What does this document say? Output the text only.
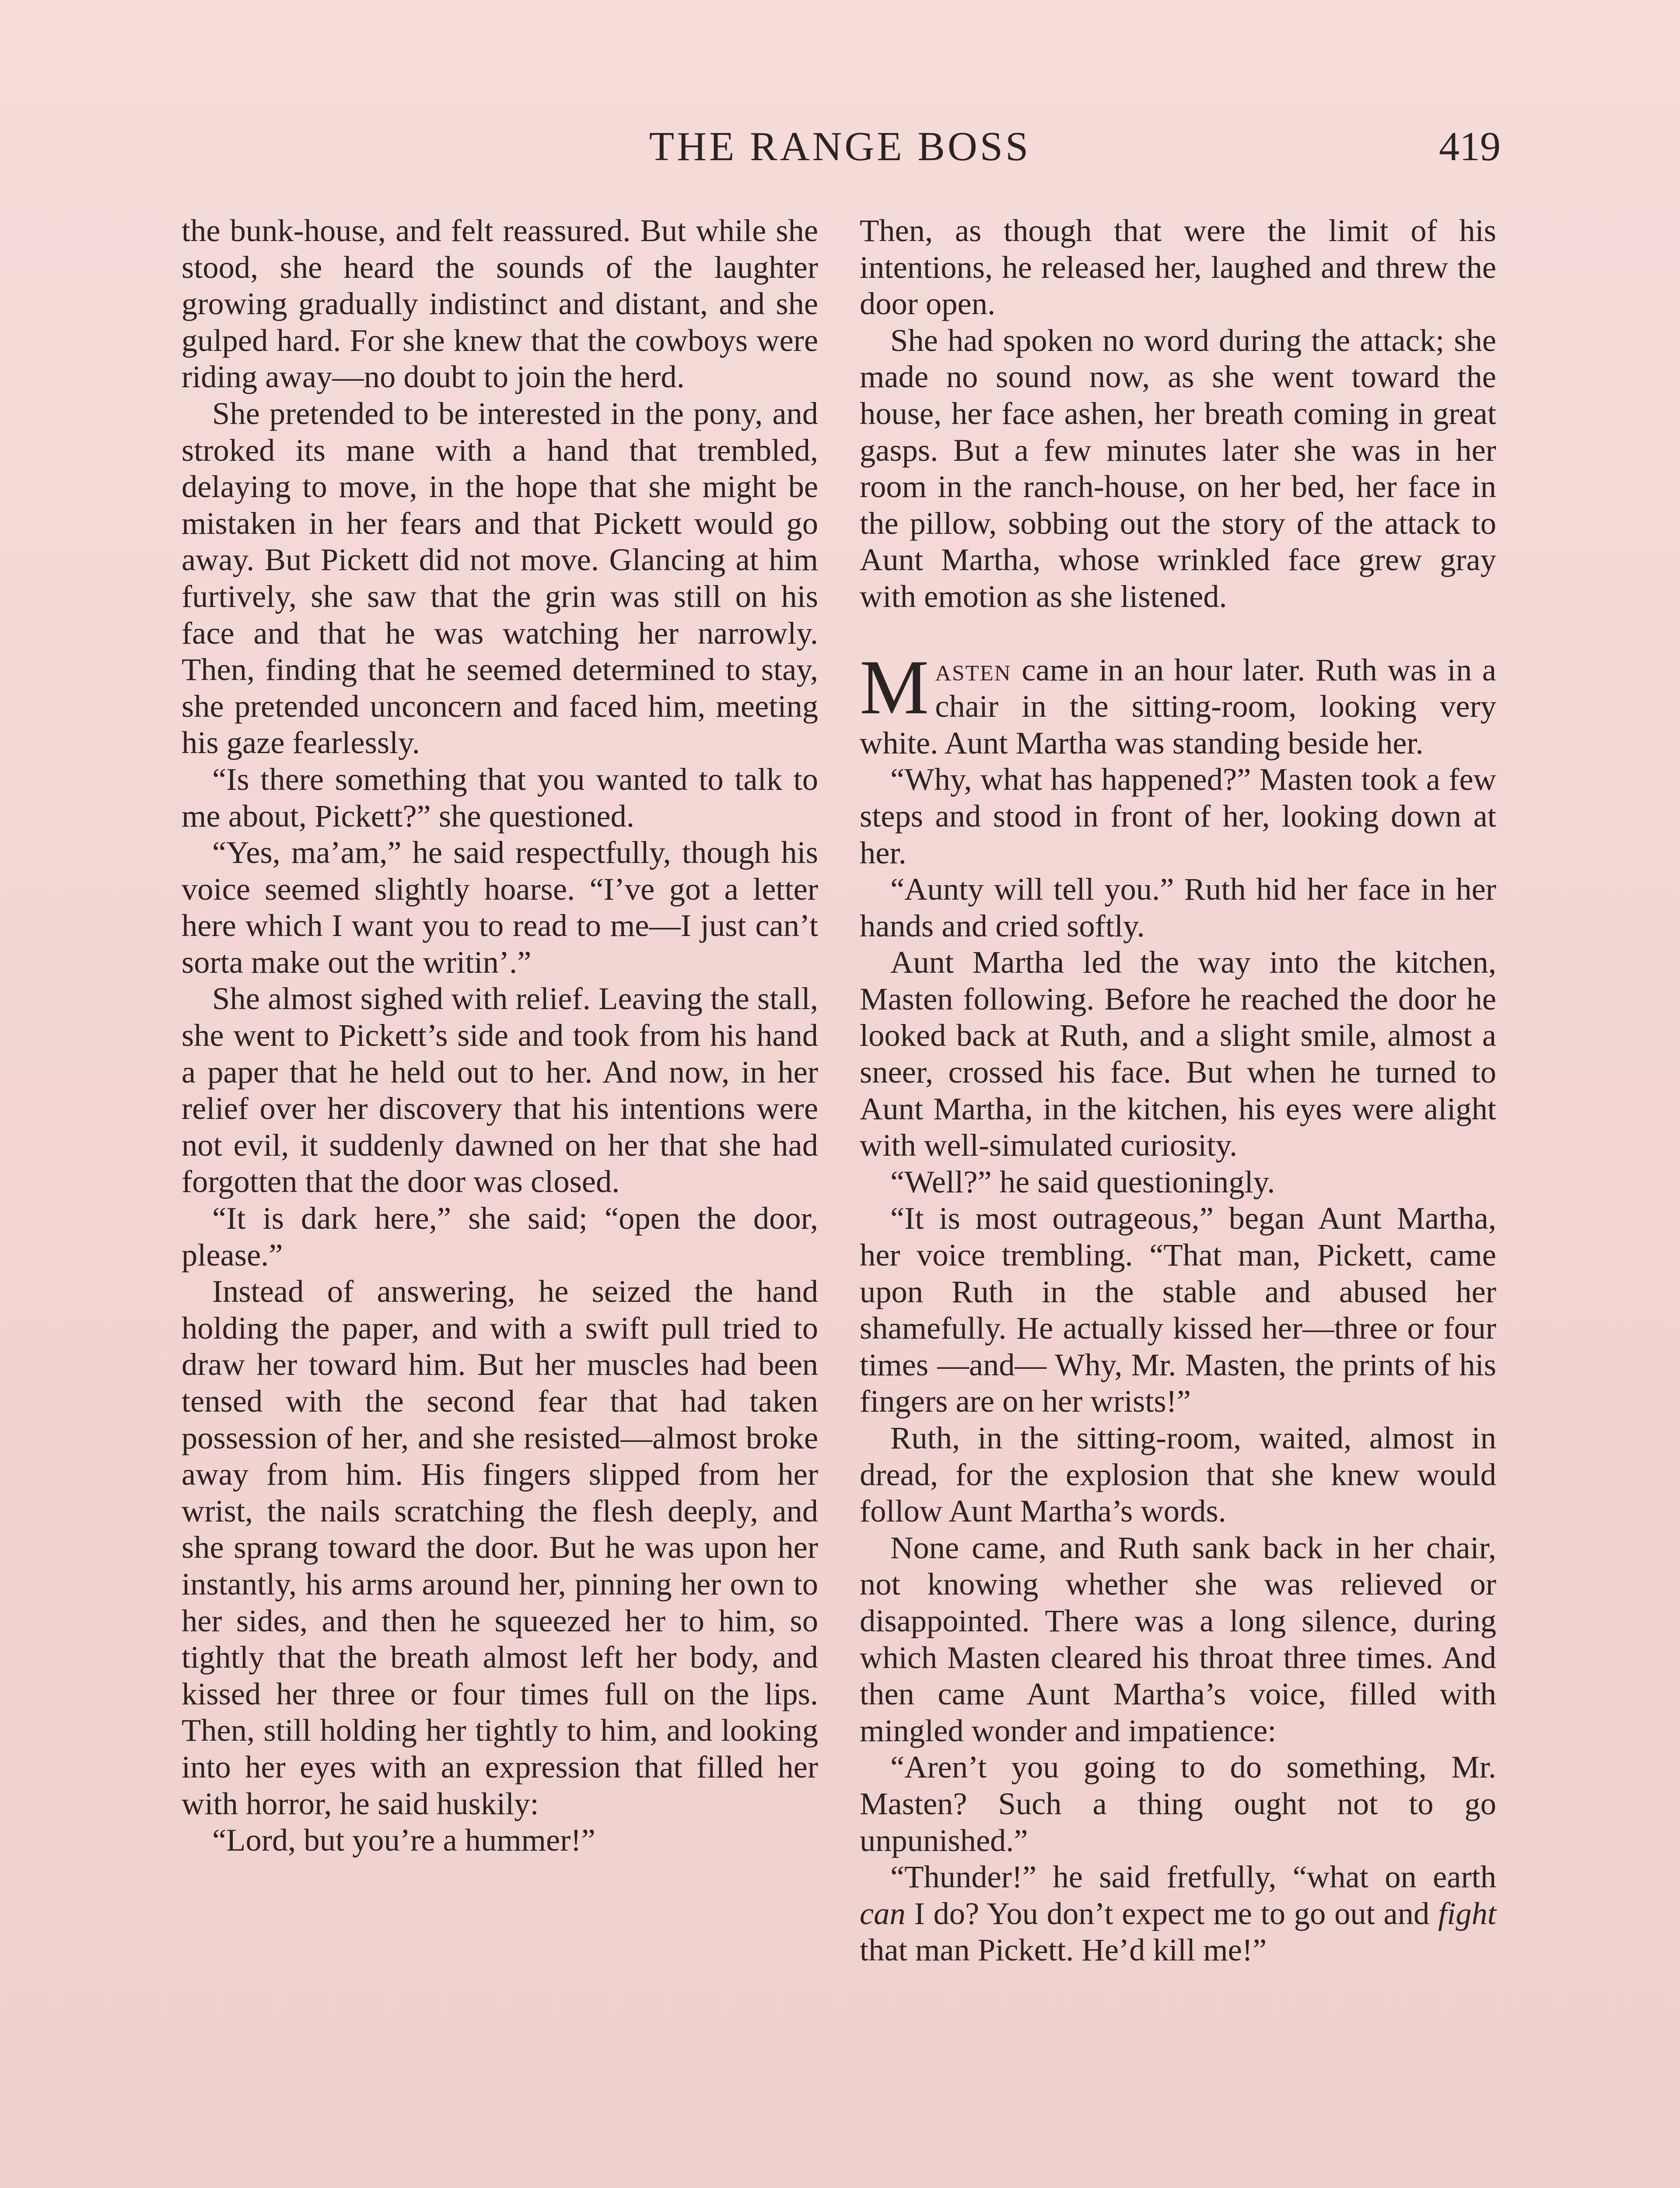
THE RANGE BOSS	419

the bunk-house, and felt reassured. But while she stood, she heard the sounds of the laughter growing gradually indistinct and distant, and she gulped hard. For she knew that the cowboys were riding away—no doubt to join the herd.

She pretended to be interested in the pony, and stroked its mane with a hand that trembled, delaying to move, in the hope that she might be mistaken in her fears and that Pickett would go away. But Pickett did not move. Glancing at him furtively, she saw that the grin was still on his face and that he was watching her narrowly. Then, finding that he seemed determined to stay, she pretended unconcern and faced him, meeting his gaze fearlessly.

“Is there something that you wanted to talk to me about, Pickett?” she questioned.

“Yes, ma’am,” he said respectfully, though his voice seemed slightly hoarse. “I’ve got a letter here which I want you to read to me—I just can’t sorta make out the writin’.”

She almost sighed with relief. Leaving the stall, she went to Pickett’s side and took from his hand a paper that he held out to her. And now, in her relief over her discovery that his intentions were not evil, it suddenly dawned on her that she had forgotten that the door was closed.

“It is dark here,” she said; “open the door, please.”

Instead of answering, he seized the hand holding the paper, and with a swift pull tried to draw her toward him. But her muscles had been tensed with the second fear that had taken possession of her, and she resisted—almost broke away from him. His fingers slipped from her wrist, the nails scratching the flesh deeply, and she sprang toward the door. But he was upon her instantly, his arms around her, pinning her own to her sides, and then he squeezed her to him, so tightly that the breath almost left her body, and kissed her three or four times full on the lips. Then, still holding her tightly to him, and looking into her eyes with an expression that filled her with horror, he said huskily:

“Lord, but you’re a hummer!”

Then, as though that were the limit of his intentions, he released her, laughed and threw the door open.

She had spoken no word during the attack; she made no sound now, as she went toward the house, her face ashen, her breath coming in great gasps. But a few minutes later she was in her room in the ranch-house, on her bed, her face in the pillow, sobbing out the story of the attack to Aunt Martha, whose wrinkled face grew gray with emotion as she listened.

Masten came in an hour later. Ruth was in a chair in the sitting-room, looking very white. Aunt Martha was standing beside her.

“Why, what has happened?” Masten took a few steps and stood in front of her, looking down at her.

“Aunty will tell you.” Ruth hid her face in her hands and cried softly.

Aunt Martha led the way into the kitchen, Masten following. Before he reached the door he looked back at Ruth, and a slight smile, almost a sneer, crossed his face. But when he turned to Aunt Martha, in the kitchen, his eyes were alight with well-simulated curiosity.

“Well?” he said questioningly.

“It is most outrageous,” began Aunt Martha, her voice trembling. “That man, Pickett, came upon Ruth in the stable and abused her shamefully. He actually kissed her—three or four times —and— Why, Mr. Masten, the prints of his fingers are on her wrists!”

Ruth, in the sitting-room, waited, almost in dread, for the explosion that she knew would follow Aunt Martha’s words.

None came, and Ruth sank back in her chair, not knowing whether she was relieved or disappointed. There was a long silence, during which Masten cleared his throat three times. And then came Aunt Martha’s voice, filled with mingled wonder and impatience:

“Aren’t you going to do something, Mr. Masten? Such a thing ought not to go unpunished.”

“Thunder!” he said fretfully, “what on earth can I do? You don’t expect me to go out and fight that man Pickett. He’d kill me!”
